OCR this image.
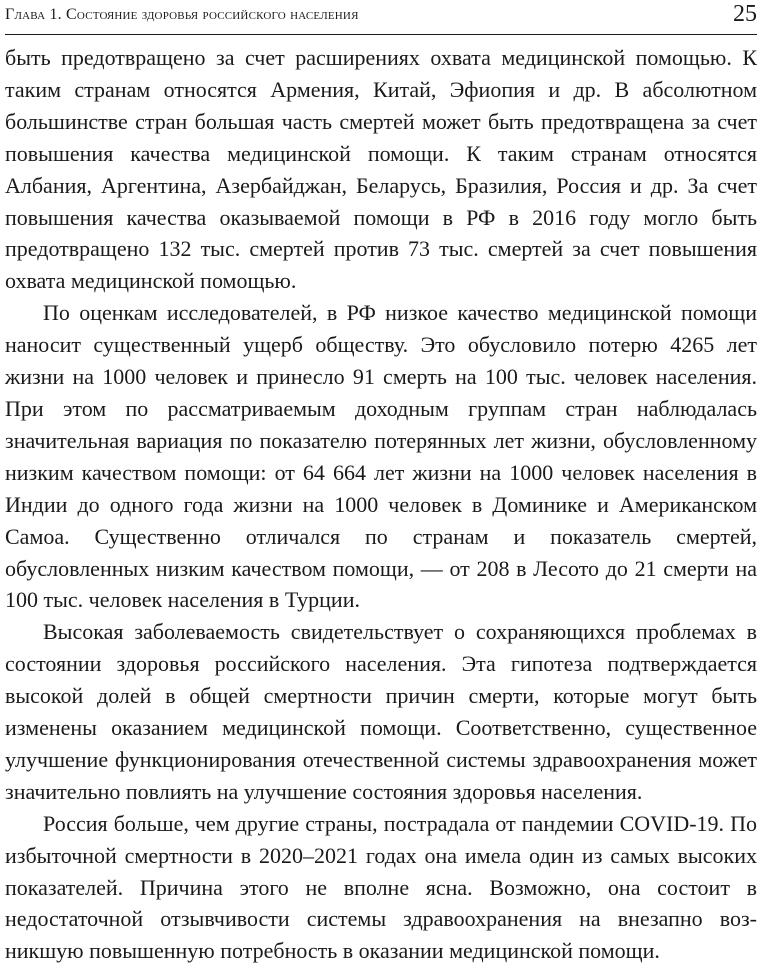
Глава 1. Состояние здоровья российского населения	25

быть предотвращено за счет расширениях охвата медицинской помощью. К таким странам относятся Армения, Китай, Эфиопия и др. В абсолютном большинстве стран большая часть смертей может быть предотвращена за счет повышения качества медицинской помощи. К таким странам относятся Албания, Аргентина, Азербайджан, Беларусь, Бразилия, Россия и др. За счет повышения качества оказываемой помощи в РФ в 2016 году могло быть предотвращено 132 тыс. смертей против 73 тыс. смертей за счет повышения охвата медицинской помощью.

По оценкам исследователей, в РФ низкое качество медицинской помощи наносит существенный ущерб обществу. Это обусловило потерю 4265 лет жизни на 1000 человек и принесло 91 смерть на 100 тыс. человек населения. При этом по рассматриваемым доходным группам стран наблюдалась значительная вариация по показателю потерянных лет жизни, обусловленному низким качеством помощи: от 64 664 лет жизни на 1000 человек населения в Индии до одного года жизни на 1000 человек в Доминике и Американском Самоа. Существенно отличался по странам и показатель смертей, обусловленных низким качеством помощи, — от 208 в Лесото до 21 смерти на 100 тыс. человек населения в Турции.

Высокая заболеваемость свидетельствует о сохраняющихся проблемах в состоянии здоровья российского населения. Эта гипотеза подтверждается высокой долей в общей смертности причин смерти, которые могут быть изменены оказанием медицинской помощи. Соответственно, существенное улучшение функционирования отечественной системы здравоохранения может значительно повлиять на улучшение состояния здоровья населения.

Россия больше, чем другие страны, пострадала от пандемии COVID-19. По избыточной смертности в 2020–2021 годах она имела один из самых высоких показателей. Причина этого не вполне ясна. Возможно, она состоит в недостаточной отзывчивости системы здравоохранения на внезапно возникшую повышенную потребность в оказании медицинской помощи.
